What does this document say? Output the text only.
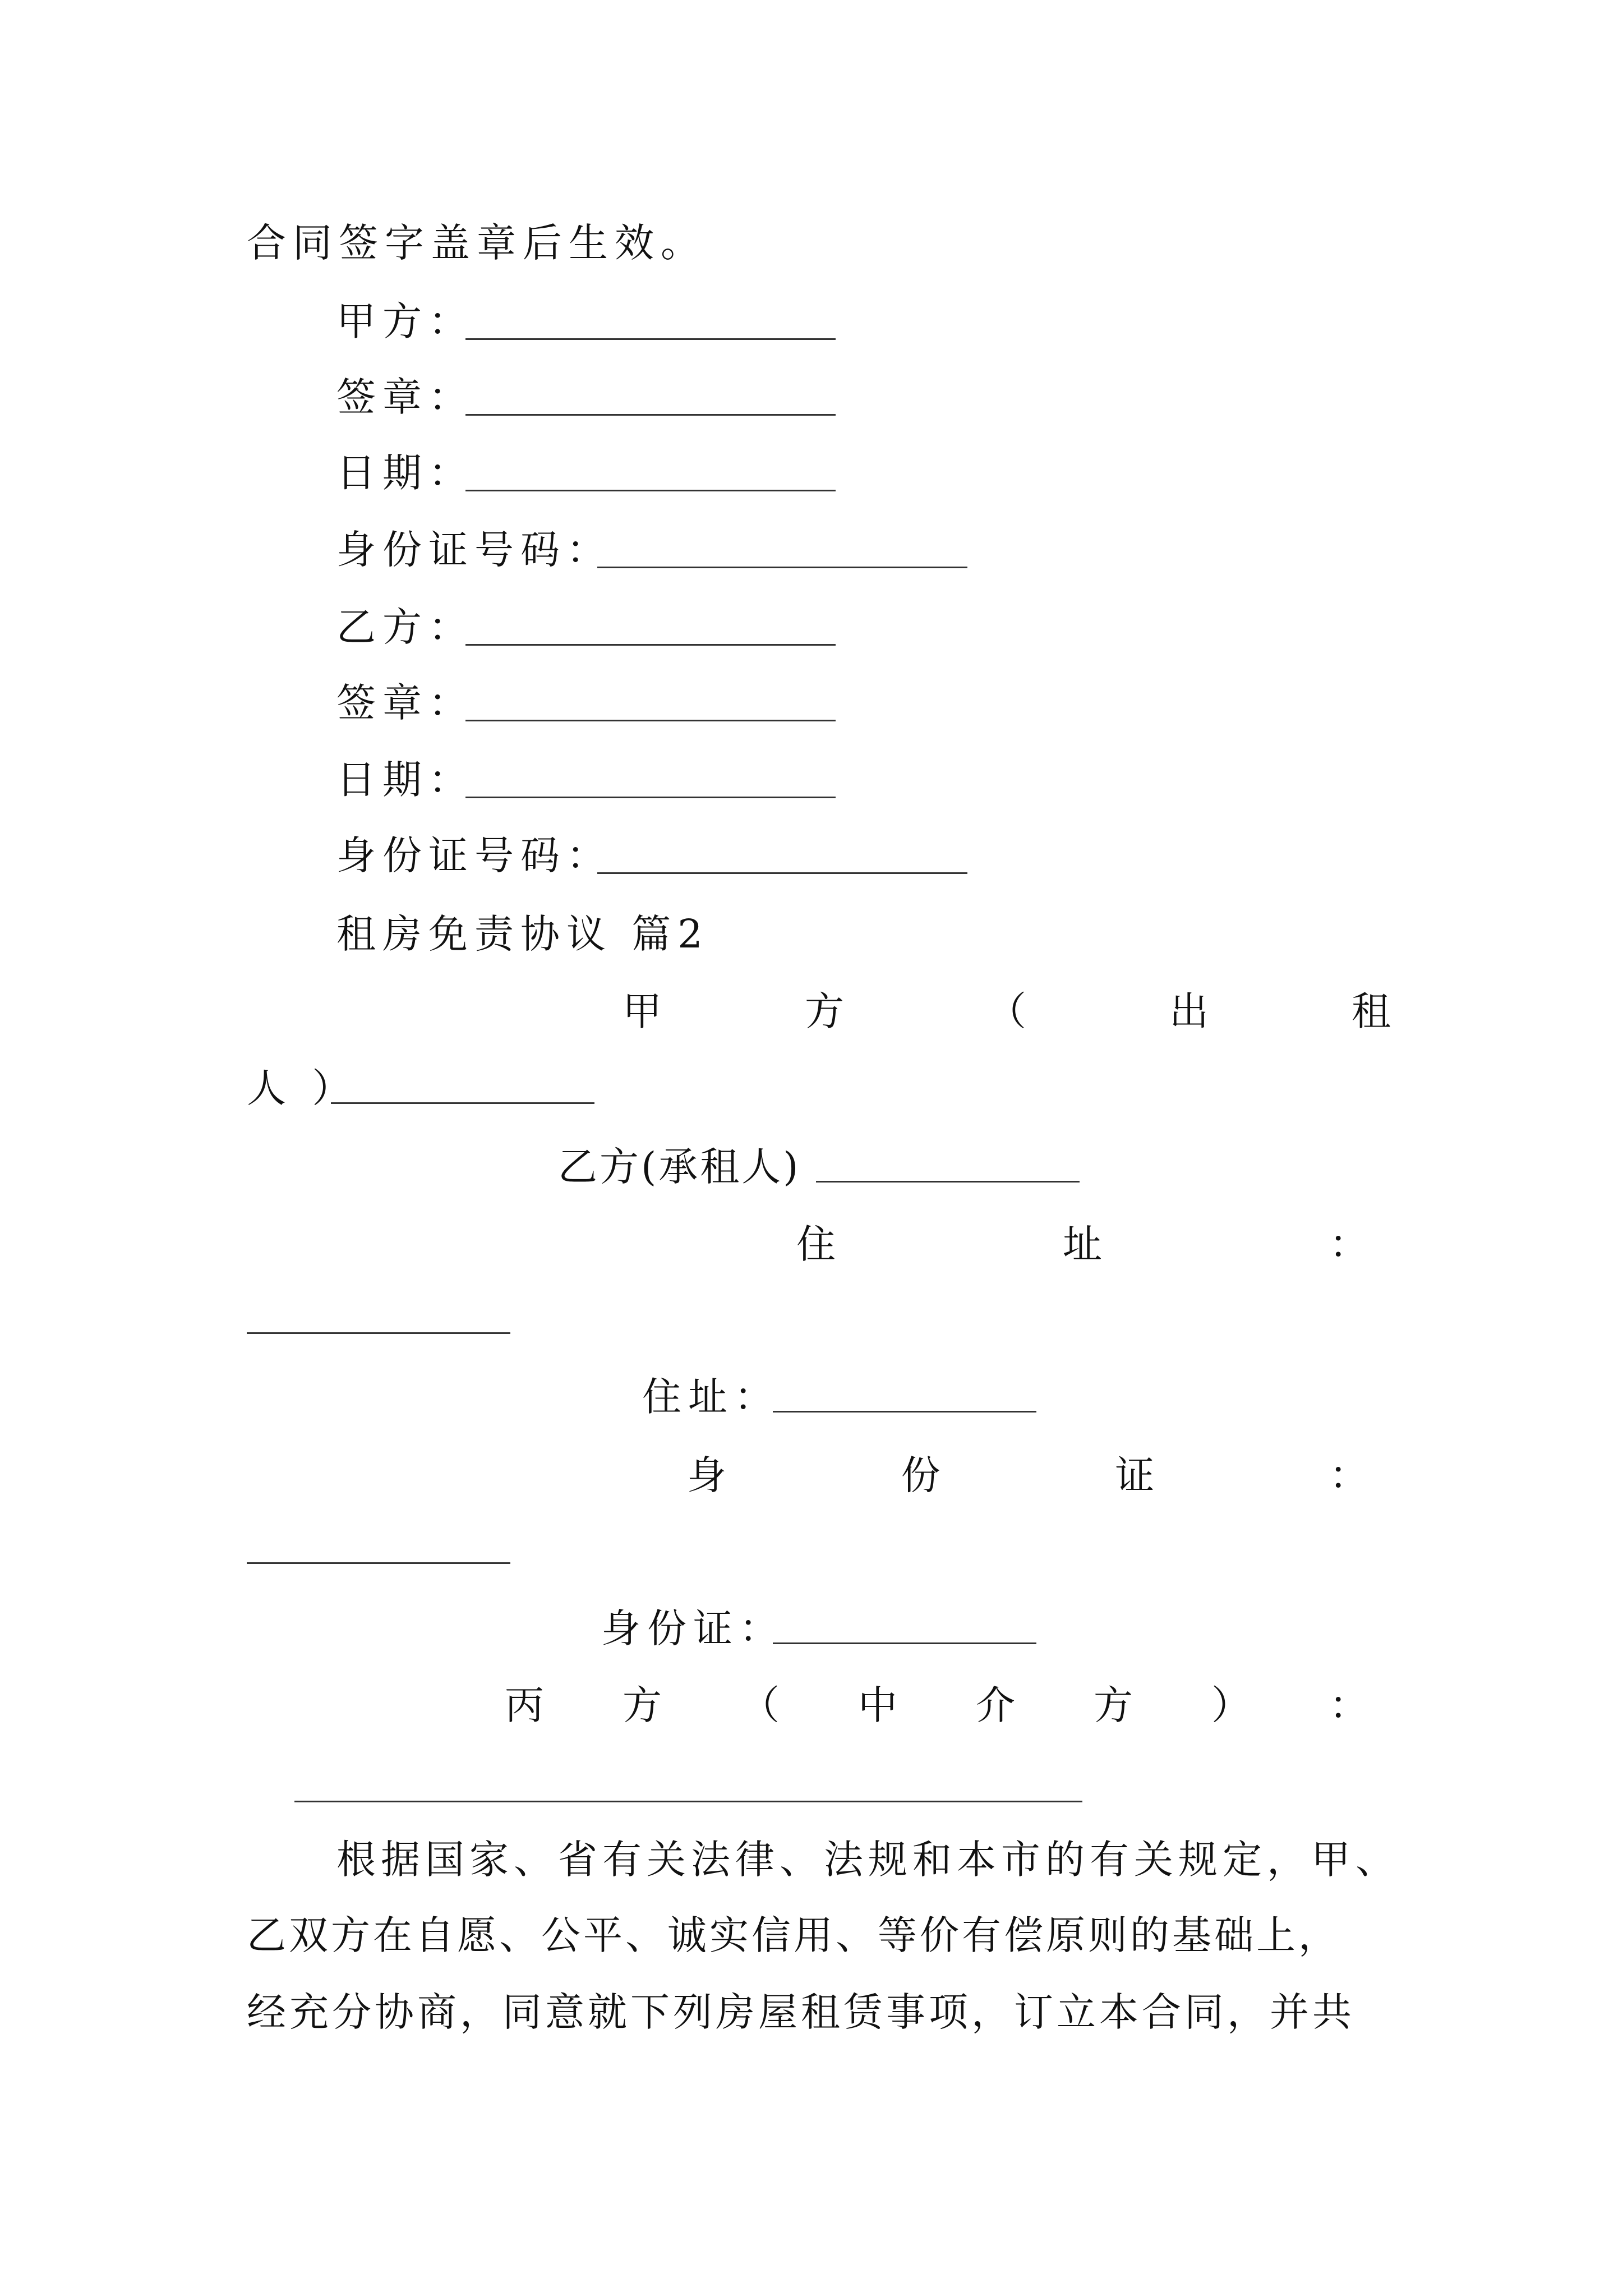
合同签字盖章后生效。
甲方：
签章：
日期：
身份证号码：
乙方：
签章：
日期：
身份证号码：
租房免责协议 篇2
甲	方	（	出	租
人 ）
乙方(承租人)
住	址	：
住址：
身	份	证	：
身份证：
丙 方 （ 中 介 方 ） ：
根据国家、省有关法律、法规和本市的有关规定，甲、
乙双方在自愿、公平、诚实信用、等价有偿原则的基础上，
经充分协商，同意就下列房屋租赁事项，订立本合同，并共
